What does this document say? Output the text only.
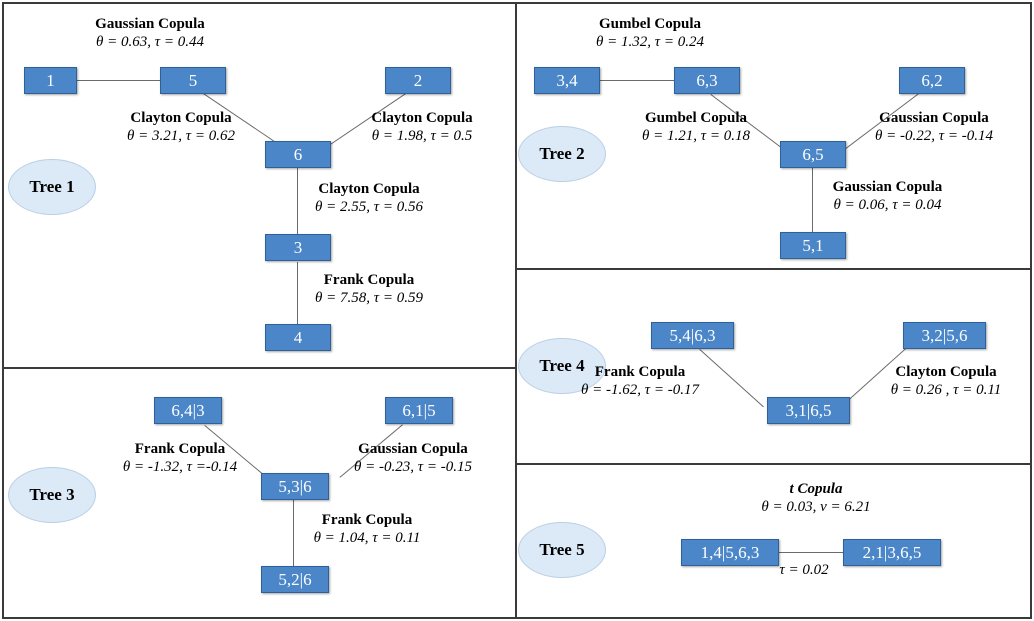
Tree 1
1	5	2
6
3
4
Gaussian Copula
θ = 0.63, τ = 0.44
Clayton Copula
θ = 3.21, τ = 0.62
Clayton Copula
θ = 1.98, τ = 0.5
Clayton Copula
θ = 2.55, τ = 0.56
Frank Copula
θ = 7.58, τ = 0.59
Tree 2
3,4	6,3	6,2
6,5
5,1
Gumbel Copula
θ = 1.32, τ = 0.24
Gumbel Copula
θ = 1.21, τ = 0.18
Gaussian Copula
θ = -0.22, τ = -0.14
Gaussian Copula
θ = 0.06, τ = 0.04
Tree 3
6,4|3	6,1|5
5,3|6
5,2|6
Frank Copula
θ = -1.32, τ =-0.14
Gaussian Copula
θ = -0.23, τ = -0.15
Frank Copula
θ = 1.04, τ = 0.11
Tree 4
5,4|6,3	3,2|5,6
3,1|6,5
Frank Copula
θ = -1.62, τ = -0.17
Clayton Copula
θ = 0.26 , τ = 0.11
Tree 5	1,4|5,6,3	2,1|3,6,5
t Copula
θ = 0.03, ν = 6.21
τ = 0.02
